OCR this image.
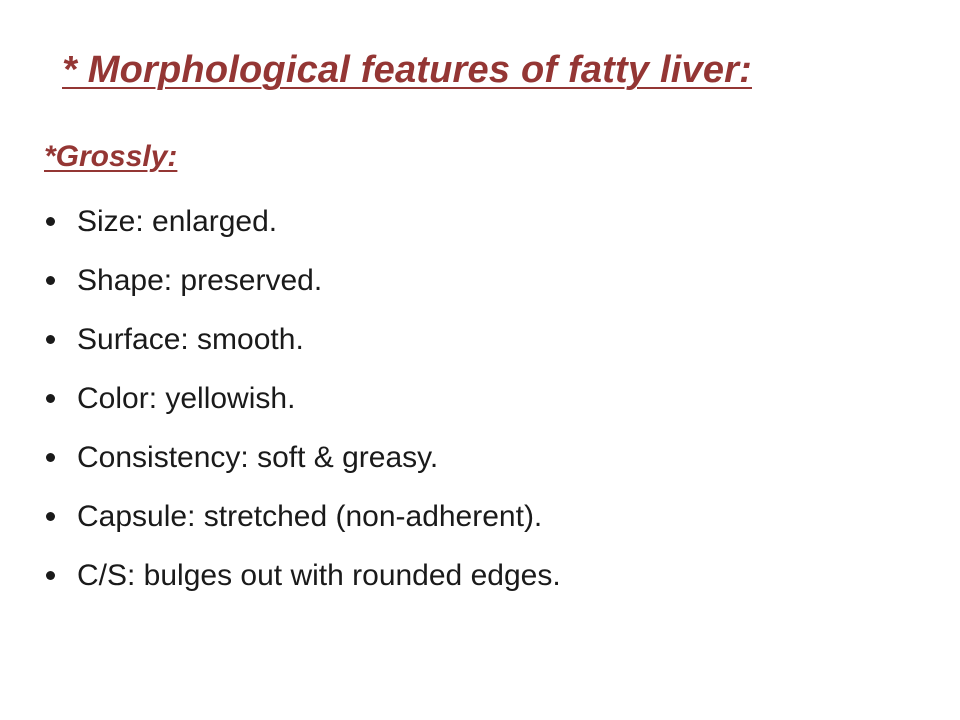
* Morphological features of fatty liver:
*Grossly:
Size: enlarged.
Shape: preserved.
Surface: smooth.
Color: yellowish.
Consistency: soft & greasy.
Capsule: stretched (non-adherent).
C/S: bulges out with rounded edges.
